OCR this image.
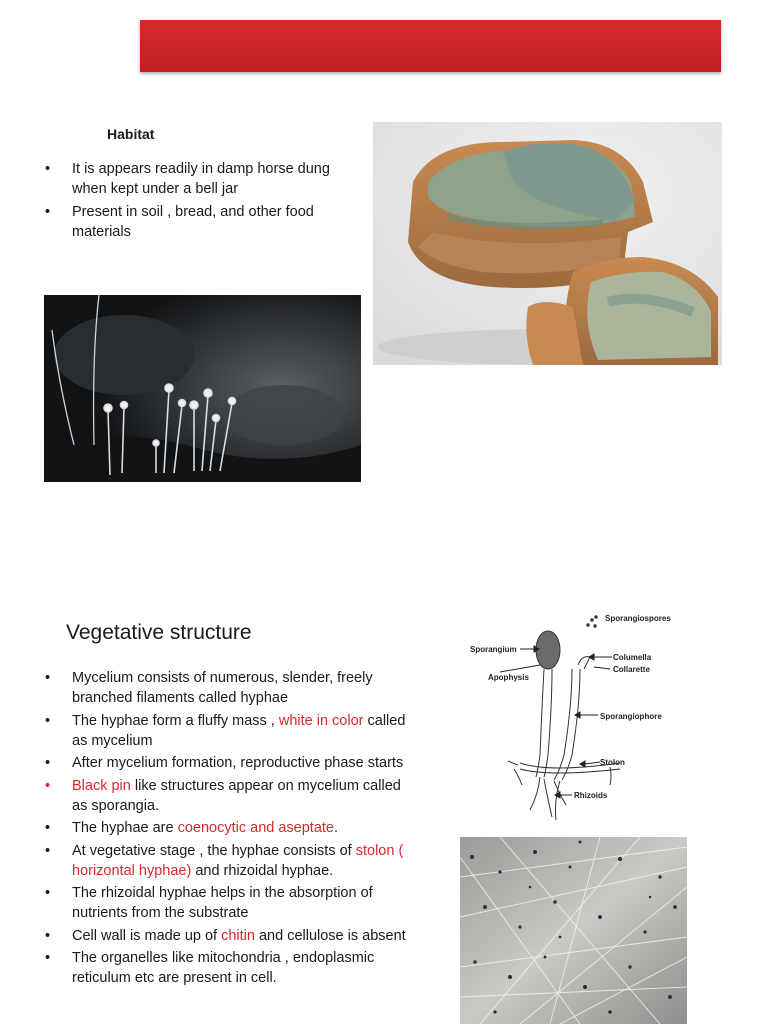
Habitat
• It is appears readily in damp horse dung when kept under a bell jar
• Present in soil , bread, and other food materials
Vegetative structure
• Mycelium consists of numerous, slender, freely branched filaments called hyphae
• The hyphae form a fluffy mass , white in color called as mycelium
• After mycelium formation, reproductive phase starts
• Black pin like structures appear on mycelium called as sporangia.
• The hyphae are coenocytic and aseptate.
• At vegetative stage , the hyphae consists of stolon ( horizontal hyphae) and rhizoidal hyphae.
• The rhizoidal hyphae helps in the absorption of nutrients from the substrate
• Cell wall is made up of chitin and cellulose is absent
• The organelles like mitochondria , endoplasmic reticulum etc are present in cell.
Sporangiospores
Sporangium
Columella
Collarette
Apophysis
Sporangiophore
Stolon
Rhizoids
